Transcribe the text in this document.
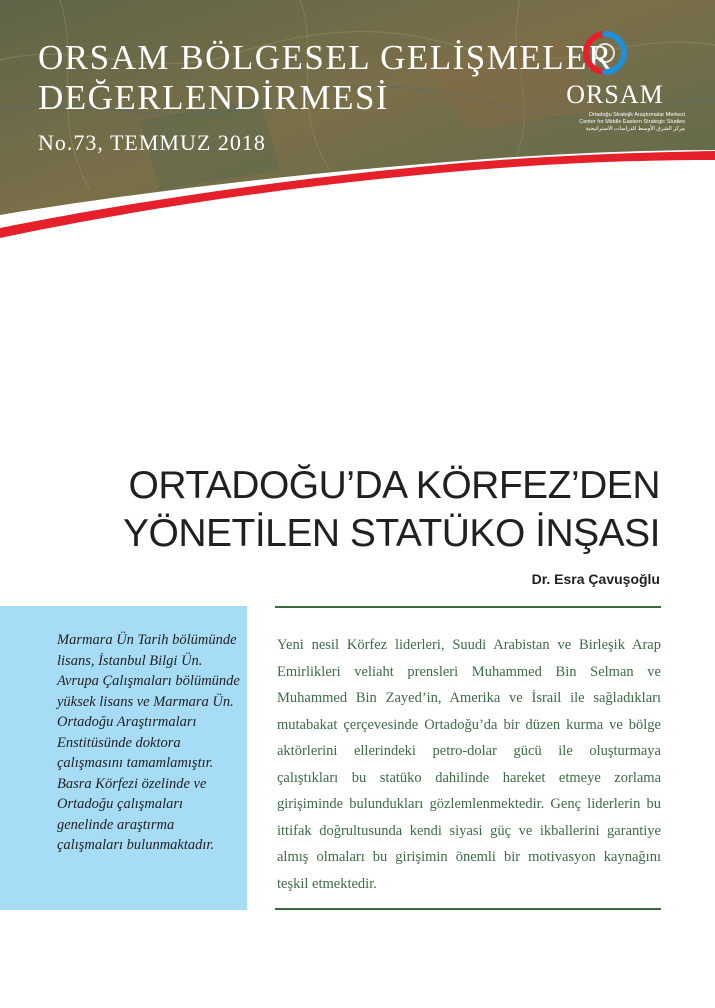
ORSAM BÖLGESEL GELİŞMELER
DEĞERLENDİRMESİ
No.73, TEMMUZ 2018
ORSAM
Ortadoğu Stratejik Araştırmalar Merkezi
Center for Middle Eastern Strategic Studies
مركز الشرق الأوسط للدراسات الاستراتيجية
ORTADOĞU’DA KÖRFEZ’DEN
YÖNETİLEN STATÜKO İNŞASI
Dr. Esra Çavuşoğlu

Marmara Ün Tarih bölümünde lisans, İstanbul Bilgi Ün. Avrupa Çalışmaları bölümünde yüksek lisans ve Marmara Ün. Ortadoğu Araştırmaları Enstitüsünde doktora çalışmasını tamamlamıştır. Basra Körfezi özelinde ve Ortadoğu çalışmaları genelinde araştırma çalışmaları bulunmaktadır.

Yeni nesil Körfez liderleri, Suudi Arabistan ve Birleşik Arap Emirlikleri veliaht prensleri Muhammed Bin Selman ve Muhammed Bin Zayed’in, Amerika ve İsrail ile sağladıkları mutabakat çerçevesinde Ortadoğu’da bir düzen kurma ve bölge aktörlerini ellerindeki petro-dolar gücü ile oluşturmaya çalıştıkları bu statüko dahilinde hareket etmeye zorlama girişiminde bulundukları gözlemlenmektedir. Genç liderlerin bu ittifak doğrultusunda kendi siyasi güç ve ikballerini garantiye almış olmaları bu girişimin önemli bir motivasyon kaynağını teşkil etmektedir.
